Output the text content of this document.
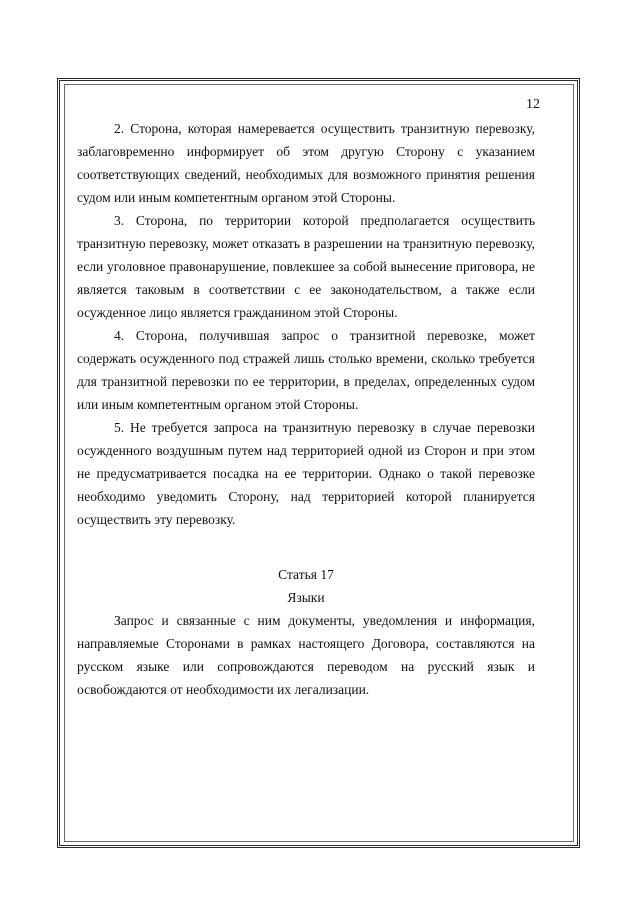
12

2. Сторона, которая намеревается осуществить транзитную перевозку, заблаговременно информирует об этом другую Сторону с указанием соответствующих сведений, необходимых для возможного принятия решения судом или иным компетентным органом этой Стороны.

3. Сторона, по территории которой предполагается осуществить транзитную перевозку, может отказать в разрешении на транзитную перевозку, если уголовное правонарушение, повлекшее за собой вынесение приговора, не является таковым в соответствии с ее законодательством, а также если осужденное лицо является гражданином этой Стороны.

4. Сторона, получившая запрос о транзитной перевозке, может содержать осужденного под стражей лишь столько времени, сколько требуется для транзитной перевозки по ее территории, в пределах, определенных судом или иным компетентным органом этой Стороны.

5. Не требуется запроса на транзитную перевозку в случае перевозки осужденного воздушным путем над территорией одной из Сторон и при этом не предусматривается посадка на ее территории. Однако о такой перевозке необходимо уведомить Сторону, над территорией которой планируется осуществить эту перевозку.

Статья 17

Языки

Запрос и связанные с ним документы, уведомления и информация, направляемые Сторонами в рамках настоящего Договора, составляются на русском языке или сопровождаются переводом на русский язык и освобождаются от необходимости их легализации.
